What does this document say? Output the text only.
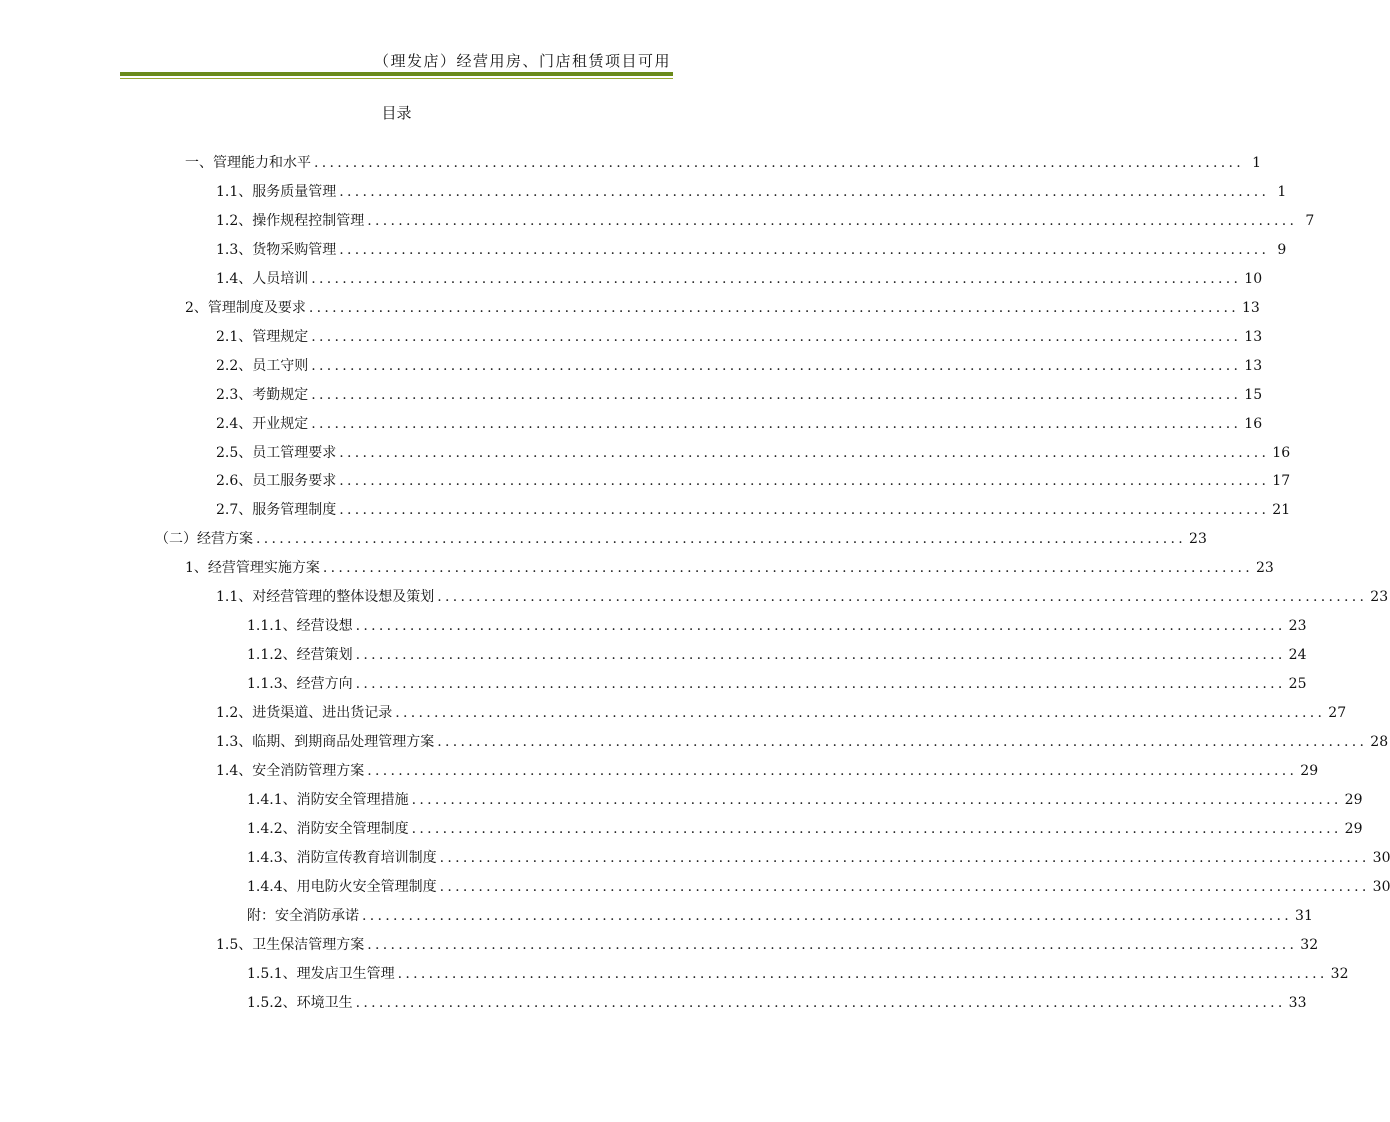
（理发店）经营用房、门店租赁项目可用
目录
一、管理能力和水平 ........................................................................................................................ 1
1.1、服务质量管理 ........................................................................................................................ 1
1.2、操作规程控制管理 ........................................................................................................................ 7
1.3、货物采购管理 ........................................................................................................................ 9
1.4、人员培训 ........................................................................................................................ 10
2、管理制度及要求 ........................................................................................................................ 13
2.1、管理规定 ........................................................................................................................ 13
2.2、员工守则 ........................................................................................................................ 13
2.3、考勤规定 ........................................................................................................................ 15
2.4、开业规定 ........................................................................................................................ 16
2.5、员工管理要求 ........................................................................................................................ 16
2.6、员工服务要求 ........................................................................................................................ 17
2.7、服务管理制度 ........................................................................................................................ 21
（二）经营方案 ........................................................................................................................ 23
1、经营管理实施方案 ........................................................................................................................ 23
1.1、对经营管理的整体设想及策划 ........................................................................................................................ 23
1.1.1、经营设想 ........................................................................................................................ 23
1.1.2、经营策划 ........................................................................................................................ 24
1.1.3、经营方向 ........................................................................................................................ 25
1.2、进货渠道、进出货记录 ........................................................................................................................ 27
1.3、临期、到期商品处理管理方案 ........................................................................................................................ 28
1.4、安全消防管理方案 ........................................................................................................................ 29
1.4.1、消防安全管理措施 ........................................................................................................................ 29
1.4.2、消防安全管理制度 ........................................................................................................................ 29
1.4.3、消防宣传教育培训制度 ........................................................................................................................ 30
1.4.4、用电防火安全管理制度 ........................................................................................................................ 30
附：安全消防承诺 ........................................................................................................................ 31
1.5、卫生保洁管理方案 ........................................................................................................................ 32
1.5.1、理发店卫生管理 ........................................................................................................................ 32
1.5.2、环境卫生 ........................................................................................................................ 33
